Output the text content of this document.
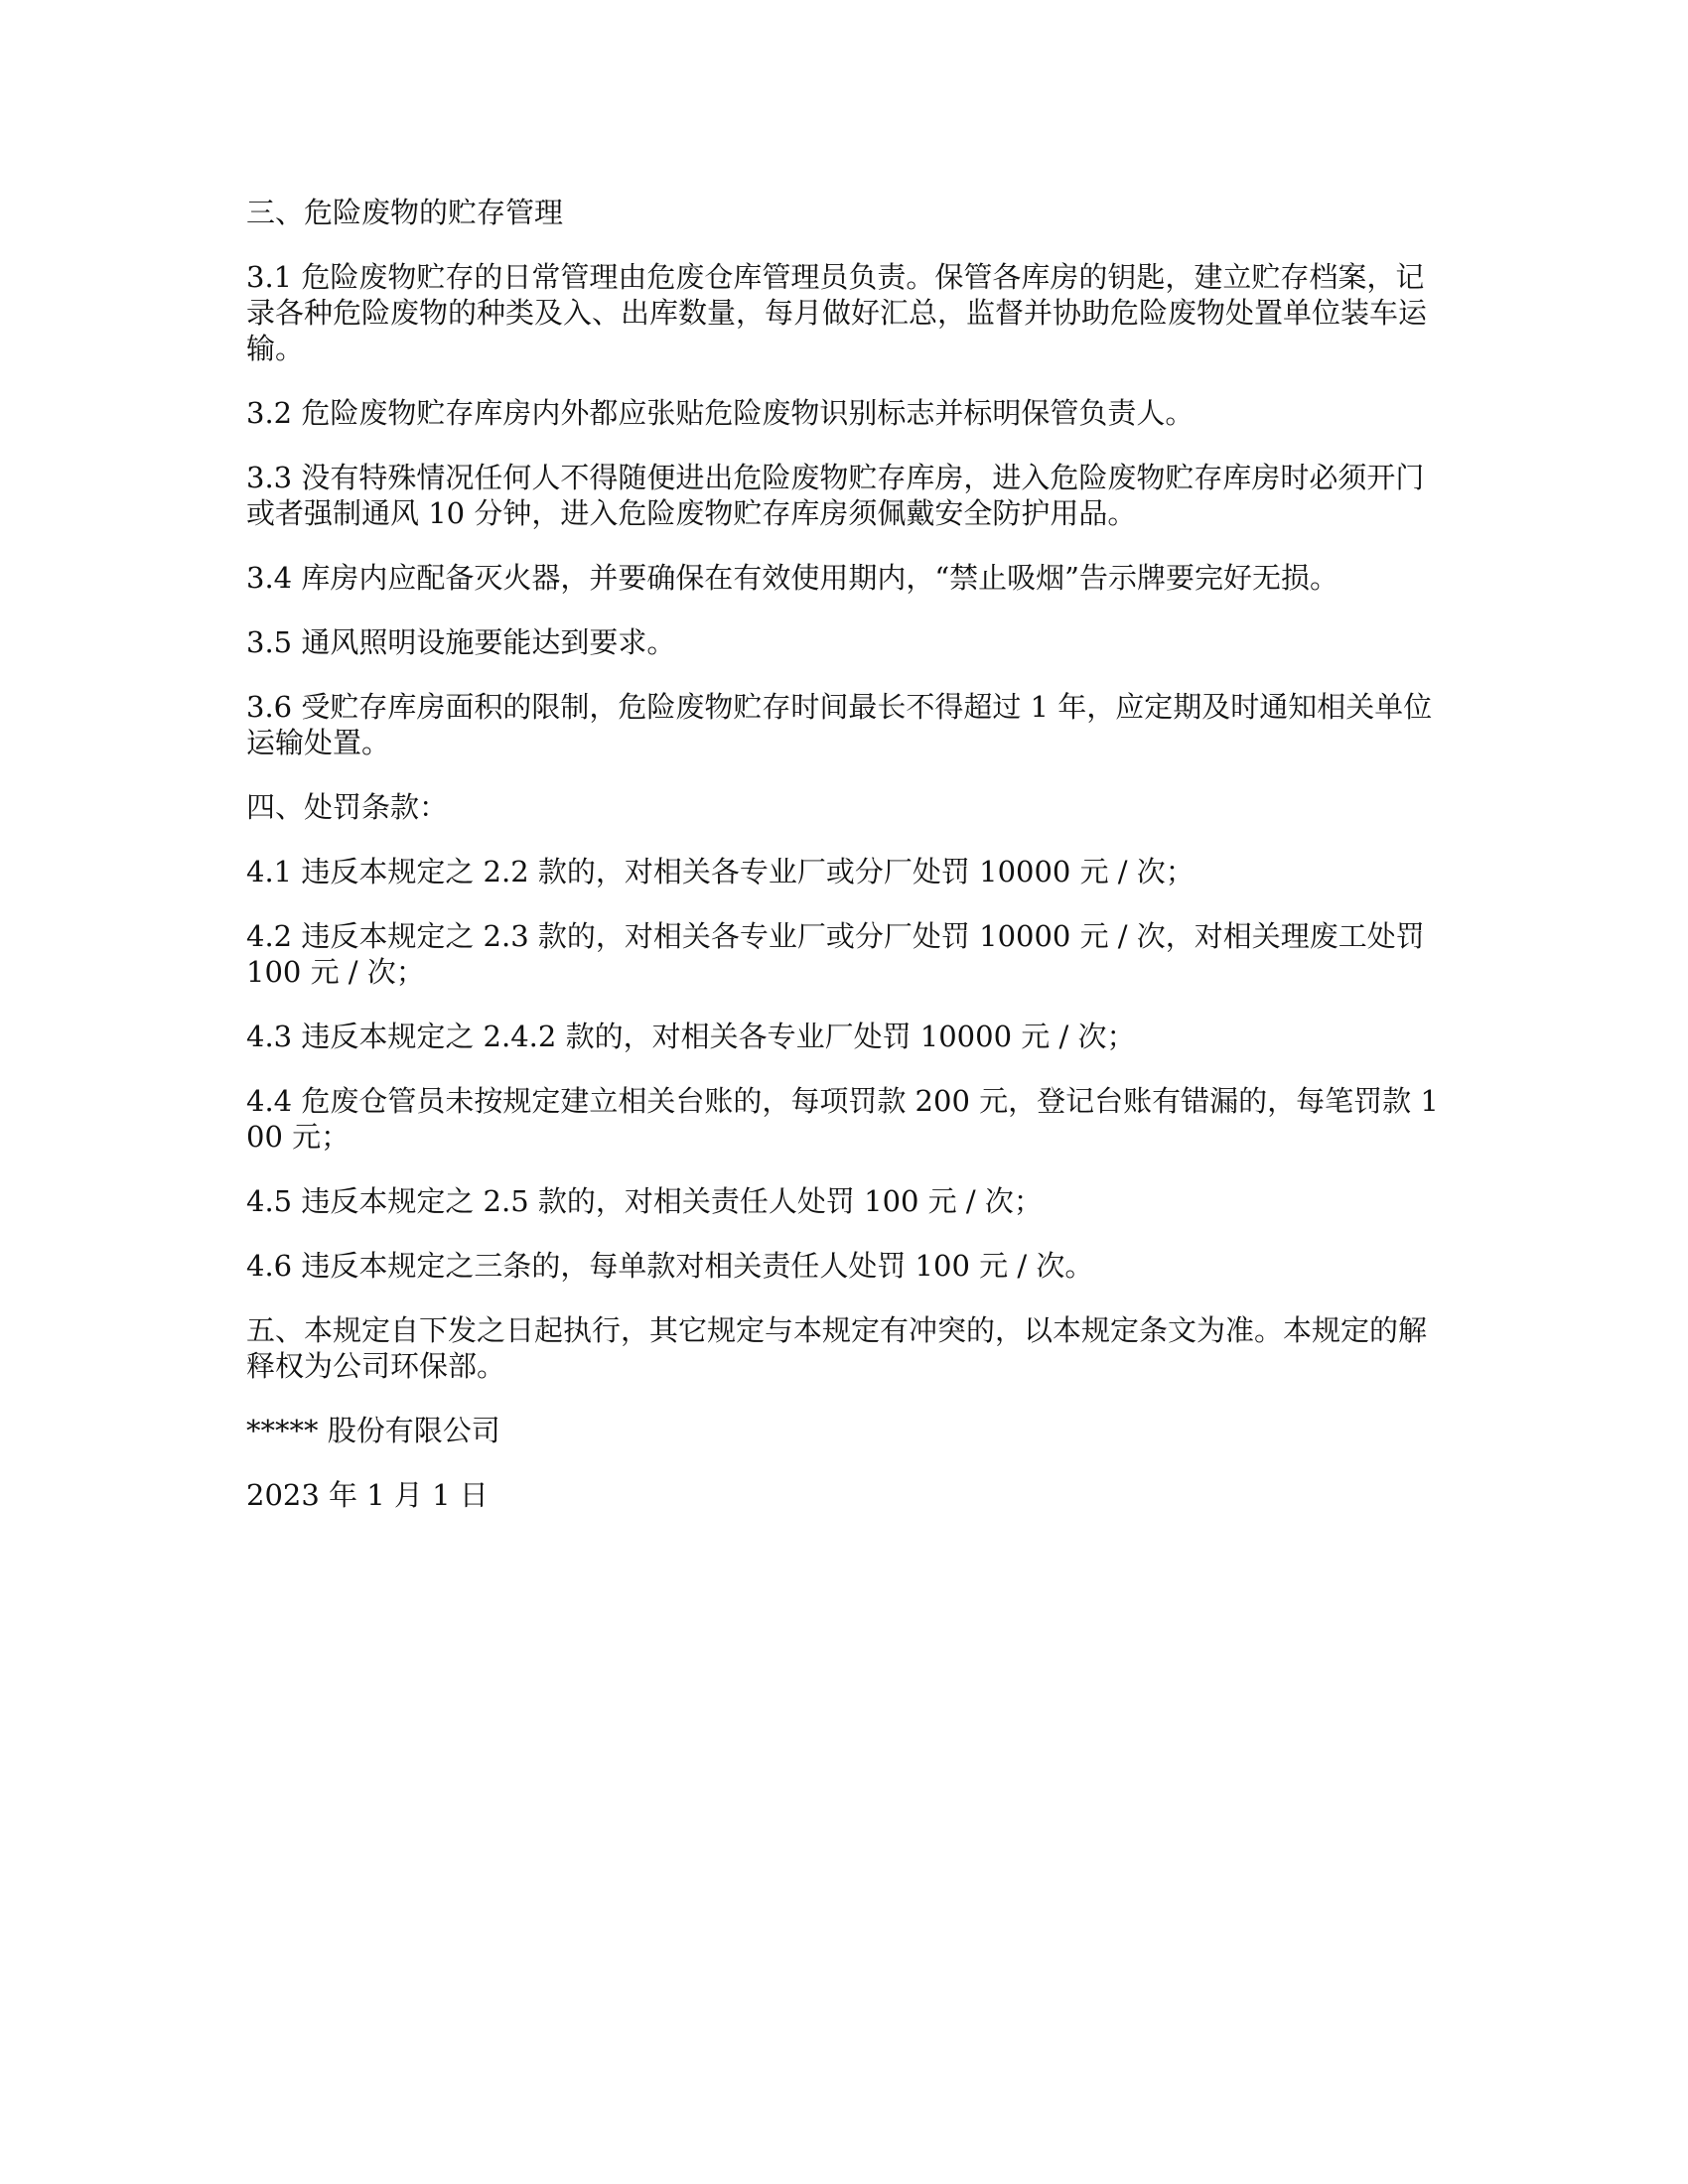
三、危险废物的贮存管理

3.1 危险废物贮存的日常管理由危废仓库管理员负责。保管各库房的钥匙，建立贮存档案，记录各种危险废物的种类及入、出库数量，每月做好汇总，监督并协助危险废物处置单位装车运输。

3.2 危险废物贮存库房内外都应张贴危险废物识别标志并标明保管负责人。

3.3 没有特殊情况任何人不得随便进出危险废物贮存库房，进入危险废物贮存库房时必须开门或者强制通风 10 分钟，进入危险废物贮存库房须佩戴安全防护用品。

3.4 库房内应配备灭火器，并要确保在有效使用期内，“禁止吸烟”告示牌要完好无损。

3.5 通风照明设施要能达到要求。

3.6 受贮存库房面积的限制，危险废物贮存时间最长不得超过 1 年，应定期及时通知相关单位运输处置。

四、处罚条款：

4.1 违反本规定之 2.2 款的，对相关各专业厂或分厂处罚 10000 元 / 次；

4.2 违反本规定之 2.3 款的，对相关各专业厂或分厂处罚 10000 元 / 次，对相关理废工处罚 100 元 / 次；

4.3 违反本规定之 2.4.2 款的，对相关各专业厂处罚 10000 元 / 次；

4.4 危废仓管员未按规定建立相关台账的，每项罚款 200 元，登记台账有错漏的，每笔罚款 100 元；

4.5 违反本规定之 2.5 款的，对相关责任人处罚 100 元 / 次；

4.6 违反本规定之三条的，每单款对相关责任人处罚 100 元 / 次。

五、本规定自下发之日起执行，其它规定与本规定有冲突的，以本规定条文为准。本规定的解释权为公司环保部。

***** 股份有限公司

2023 年 1 月 1 日
